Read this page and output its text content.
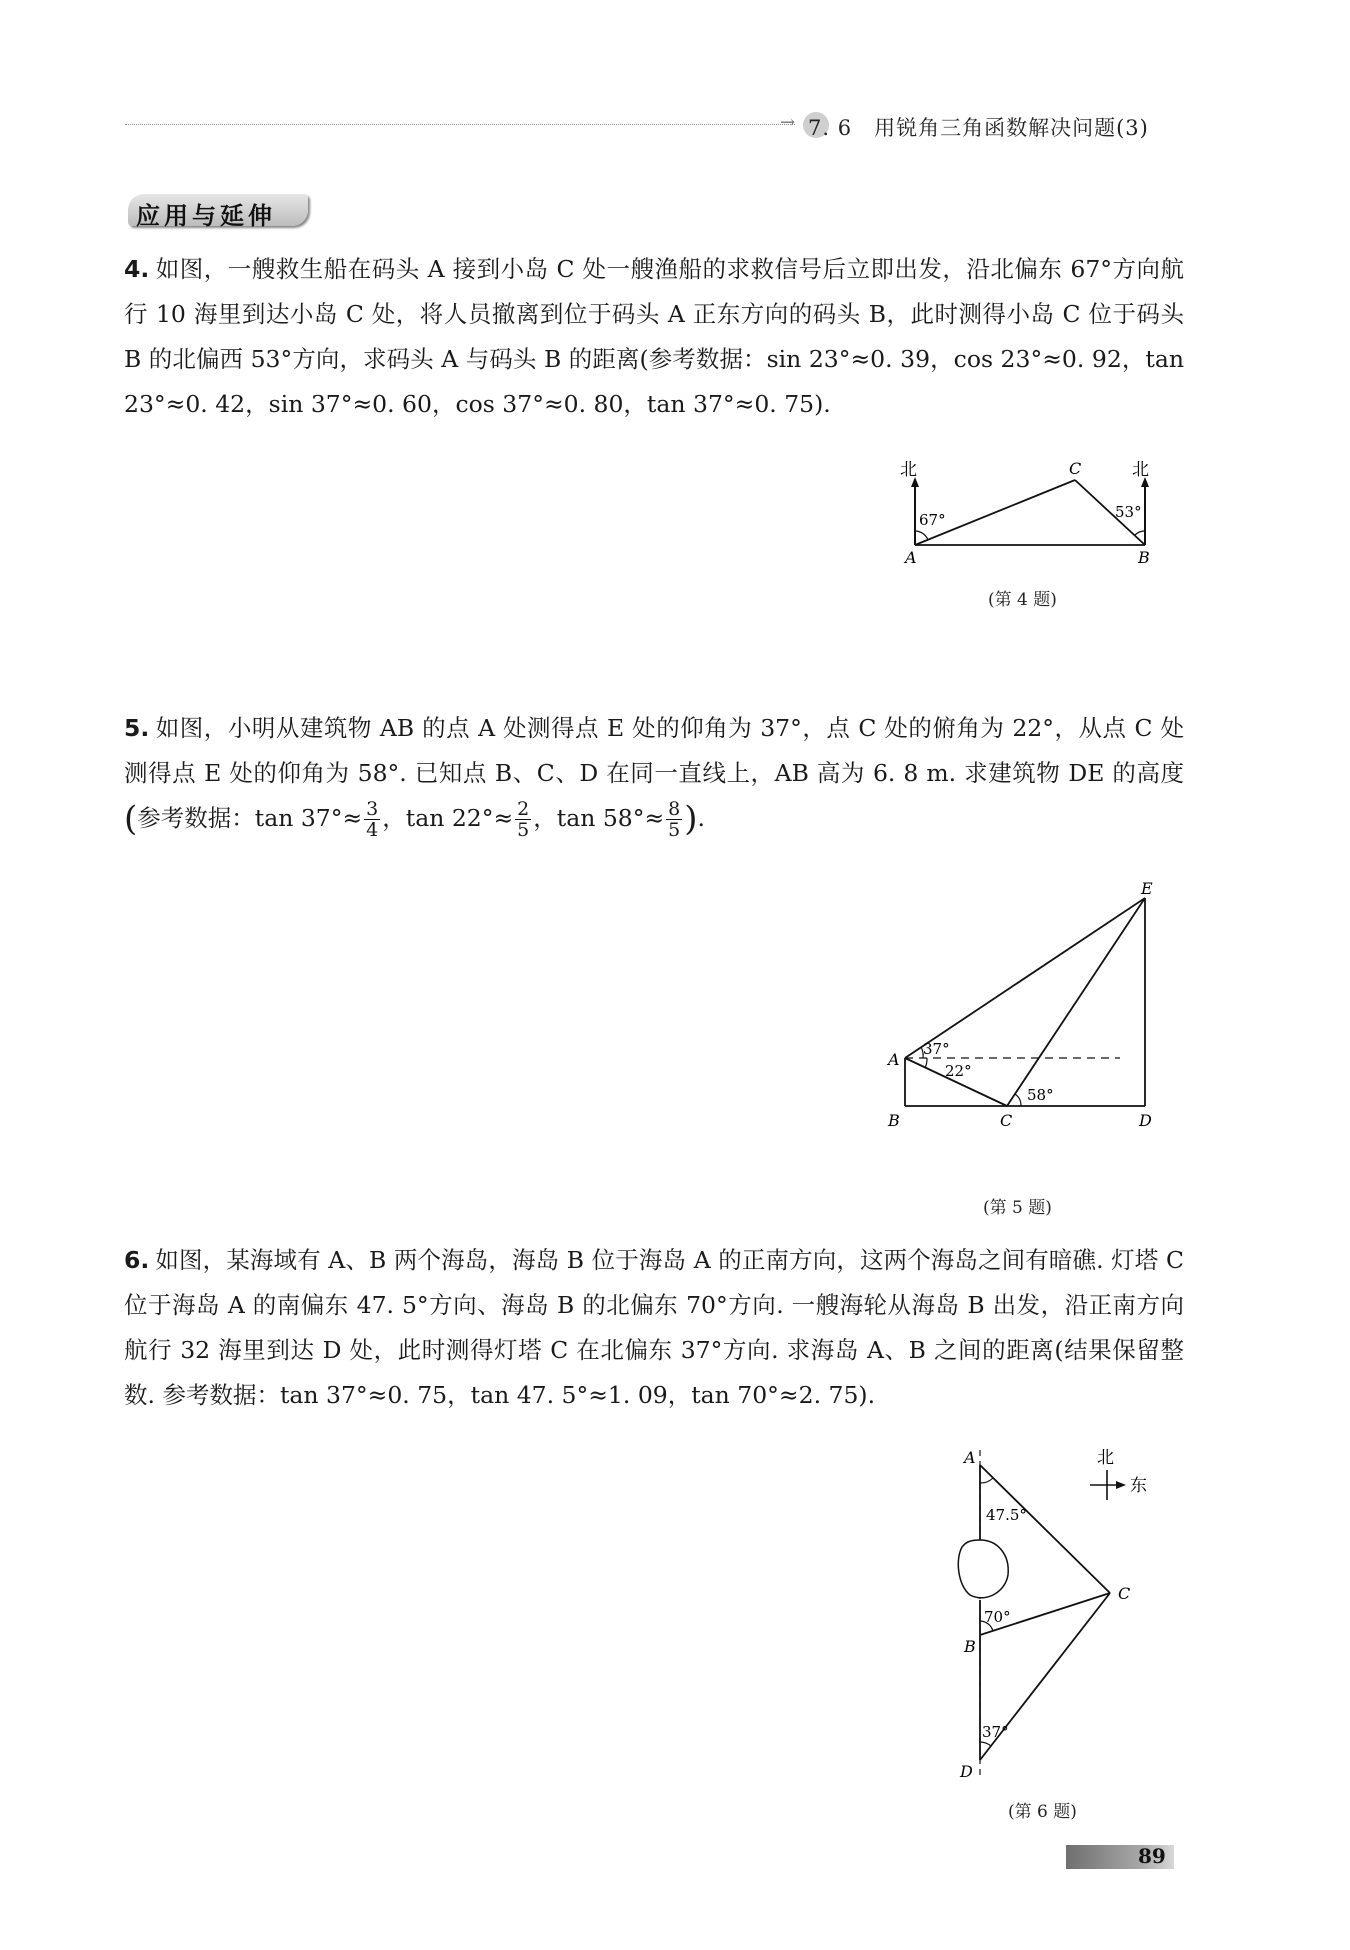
→ 7. 6　用锐角三角函数解决问题(3)
应用与延伸
4. 如图，一艘救生船在码头 A 接到小岛 C 处一艘渔船的求救信号后立即出发，沿北偏东 67°方向航行 10 海里到达小岛 C 处，将人员撤离到位于码头 A 正东方向的码头 B，此时测得小岛 C 位于码头 B 的北偏西 53°方向，求码头 A 与码头 B 的距离(参考数据：sin 23°≈0. 39，cos 23°≈0. 92，tan 23°≈0. 42，sin 37°≈0. 60，cos 37°≈0. 80，tan 37°≈0. 75).
北	北
67°	53°
A	B
C
(第 4 题)
5. 如图，小明从建筑物 AB 的点 A 处测得点 E 处的仰角为 37°，点 C 处的俯角为 22°，从点 C 处测得点 E 处的仰角为 58°. 已知点 B、C、D 在同一直线上，AB 高为 6. 8 m. 求建筑物 DE 的高度(参考数据：$\tan 37^\circ\approx \frac{3}{4}$ ，$\tan 22^\circ\approx \frac{2}{5}$ ，$\tan 58^\circ\approx \frac{8}{5}$ ).
37°
22°
58°
A
B	C	D
E
(第 5 题)
6. 如图，某海域有 A、B 两个海岛，海岛 B 位于海岛 A 的正南方向，这两个海岛之间有暗礁. 灯塔 C 位于海岛 A 的南偏东 47. 5°方向、海岛 B 的北偏东 70°方向. 一艘海轮从海岛 B 出发，沿正南方向航行 32 海里到达 D 处，此时测得灯塔 C 在北偏东 37°方向. 求海岛 A、B 之间的距离(结果保留整数. 参考数据：tan 37°≈0. 75，tan 47. 5°≈1. 09，tan 70°≈2. 75).
北
东
47.5°
70°
37°
A
B
C
D
(第 6 题)
89
